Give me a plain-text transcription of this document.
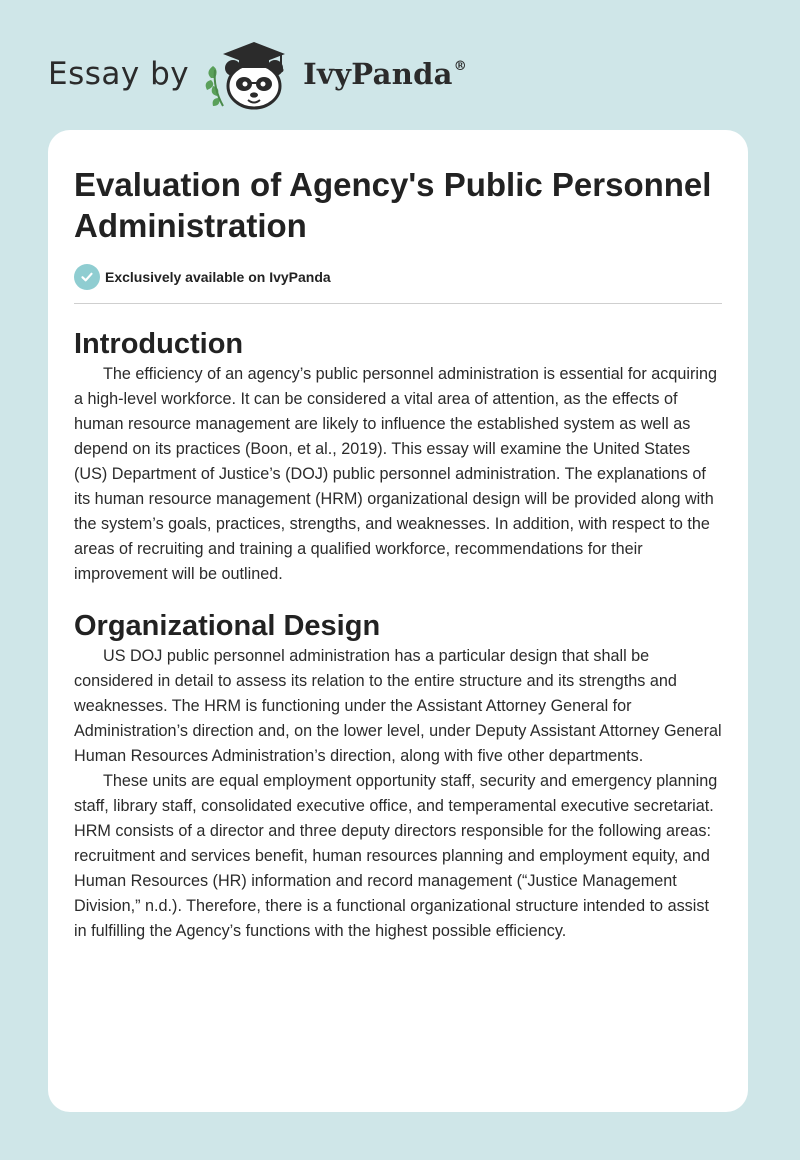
Essay by	IvyPanda®
Evaluation of Agency's Public Personnel Administration
Exclusively available on IvyPanda
Introduction

The efficiency of an agency’s public personnel administration is essential for acquiring a high-level workforce. It can be considered a vital area of attention, as the effects of human resource management are likely to influence the established system as well as depend on its practices (Boon, et al., 2019). This essay will examine the United States (US) Department of Justice’s (DOJ) public personnel administration. The explanations of its human resource management (HRM) organizational design will be provided along with the system’s goals, practices, strengths, and weaknesses. In addition, with respect to the areas of recruiting and training a qualified workforce, recommendations for their improvement will be outlined.

Organizational Design

US DOJ public personnel administration has a particular design that shall be considered in detail to assess its relation to the entire structure and its strengths and weaknesses. The HRM is functioning under the Assistant Attorney General for Administration’s direction and, on the lower level, under Deputy Assistant Attorney General Human Resources Administration’s direction, along with five other departments.

These units are equal employment opportunity staff, security and emergency planning staff, library staff, consolidated executive office, and temperamental executive secretariat. HRM consists of a director and three deputy directors responsible for the following areas: recruitment and services benefit, human resources planning and employment equity, and Human Resources (HR) information and record management (“Justice Management Division,” n.d.). Therefore, there is a functional organizational structure intended to assist in fulfilling the Agency’s functions with the highest possible efficiency.
